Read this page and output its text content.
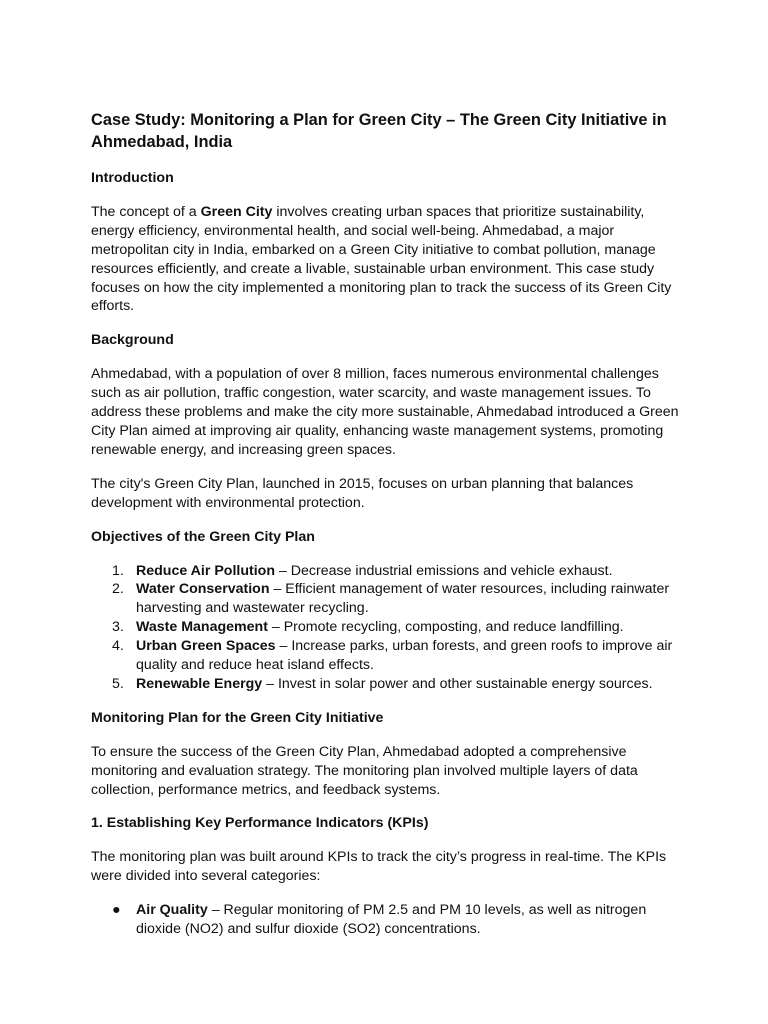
Case Study: Monitoring a Plan for Green City – The Green City Initiative in Ahmedabad, India
Introduction

The concept of a Green City involves creating urban spaces that prioritize sustainability, energy efficiency, environmental health, and social well-being. Ahmedabad, a major metropolitan city in India, embarked on a Green City initiative to combat pollution, manage resources efficiently, and create a livable, sustainable urban environment. This case study focuses on how the city implemented a monitoring plan to track the success of its Green City efforts.

Background

Ahmedabad, with a population of over 8 million, faces numerous environmental challenges such as air pollution, traffic congestion, water scarcity, and waste management issues. To address these problems and make the city more sustainable, Ahmedabad introduced a Green City Plan aimed at improving air quality, enhancing waste management systems, promoting renewable energy, and increasing green spaces.

The city's Green City Plan, launched in 2015, focuses on urban planning that balances development with environmental protection.

Objectives of the Green City Plan
1. Reduce Air Pollution – Decrease industrial emissions and vehicle exhaust.
2. Water Conservation – Efficient management of water resources, including rainwater harvesting and wastewater recycling.
3. Waste Management – Promote recycling, composting, and reduce landfilling.
4. Urban Green Spaces – Increase parks, urban forests, and green roofs to improve air quality and reduce heat island effects.
5. Renewable Energy – Invest in solar power and other sustainable energy sources.
Monitoring Plan for the Green City Initiative

To ensure the success of the Green City Plan, Ahmedabad adopted a comprehensive monitoring and evaluation strategy. The monitoring plan involved multiple layers of data collection, performance metrics, and feedback systems.

1. Establishing Key Performance Indicators (KPIs)

The monitoring plan was built around KPIs to track the city’s progress in real-time. The KPIs were divided into several categories:

● Air Quality – Regular monitoring of PM 2.5 and PM 10 levels, as well as nitrogen dioxide (NO2) and sulfur dioxide (SO2) concentrations.
